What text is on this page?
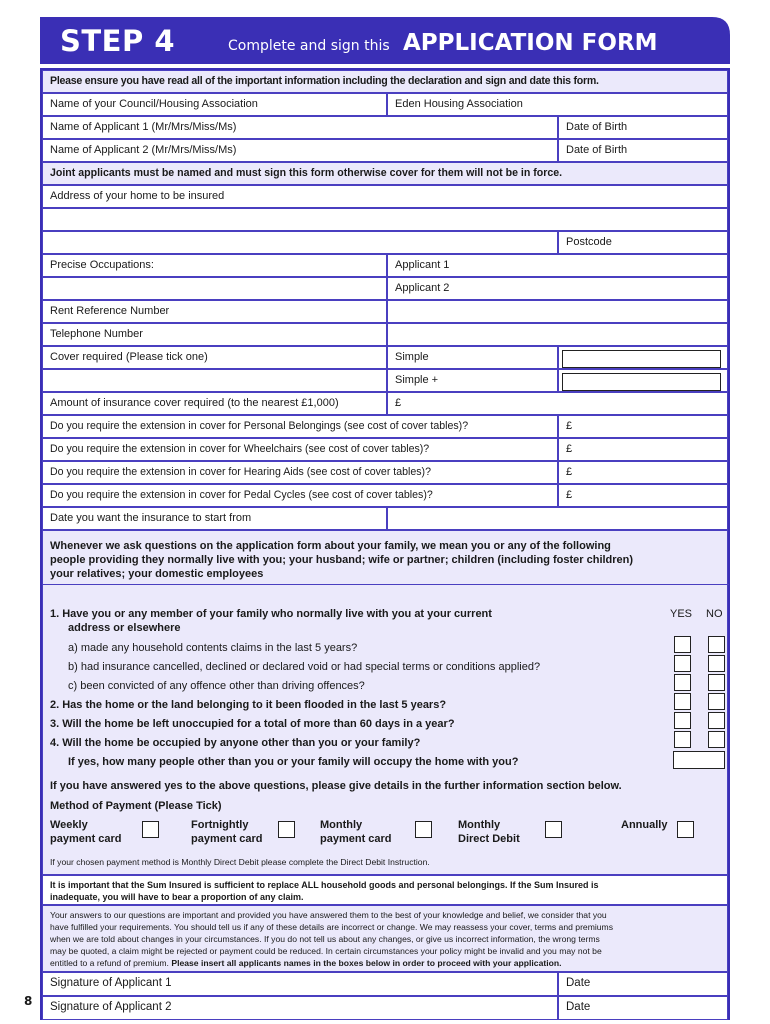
STEP 4	Complete and sign this APPLICATION FORM
Please ensure you have read all of the important information including the declaration and sign and date this form.
Name of your Council/Housing Association	Eden Housing Association
Name of Applicant 1 (Mr/Mrs/Miss/Ms)	Date of Birth
Name of Applicant 2 (Mr/Mrs/Miss/Ms)	Date of Birth
Joint applicants must be named and must sign this form otherwise cover for them will not be in force.
Address of your home to be insured
Postcode
Precise Occupations:	Applicant 1
Applicant 2
Rent Reference Number
Telephone Number
Cover required (Please tick one)	Simple
Simple +
Amount of insurance cover required (to the nearest £1,000)	£
Do you require the extension in cover for Personal Belongings (see cost of cover tables)?	£
Do you require the extension in cover for Wheelchairs (see cost of cover tables)?	£
Do you require the extension in cover for Hearing Aids (see cost of cover tables)?	£
Do you require the extension in cover for Pedal Cycles (see cost of cover tables)?	£
Date you want the insurance to start from
Whenever we ask questions on the application form about your family, we mean you or any of the following
people providing they normally live with you; your husband; wife or partner; children (including foster children)
your relatives; your domestic employees
YES NO
1. Have you or any member of your family who normally live with you at your current
address or elsewhere
a) made any household contents claims in the last 5 years?
b) had insurance cancelled, declined or declared void or had special terms or conditions applied?
c) been convicted of any offence other than driving offences?
2. Has the home or the land belonging to it been flooded in the last 5 years?
3. Will the home be left unoccupied for a total of more than 60 days in a year?
4. Will the home be occupied by anyone other than you or your family?
If yes, how many people other than you or your family will occupy the home with you?
If you have answered yes to the above questions, please give details in the further information section below.
Method of Payment (Please Tick)
Weekly
payment card
Fortnightly
payment card
Monthly
payment card
Monthly
Direct Debit
Annually
If your chosen payment method is Monthly Direct Debit please complete the Direct Debit Instruction.
It is important that the Sum Insured is sufficient to replace ALL household goods and personal belongings. If the Sum Insured is
inadequate, you will have to bear a proportion of any claim.
Your answers to our questions are important and provided you have answered them to the best of your knowledge and belief, we consider that you
have fulfilled your requirements. You should tell us if any of these details are incorrect or change. We may reassess your cover, terms and premiums
when we are told about changes in your circumstances. If you do not tell us about any changes, or give us incorrect information, the wrong terms
may be quoted, a claim might be rejected or payment could be reduced. In certain circumstances your policy might be invalid and you may not be
entitled to a refund of premium. Please insert all applicants names in the boxes below in order to proceed with your application.
Signature of Applicant 1	Date
Signature of Applicant 2	Date
8
